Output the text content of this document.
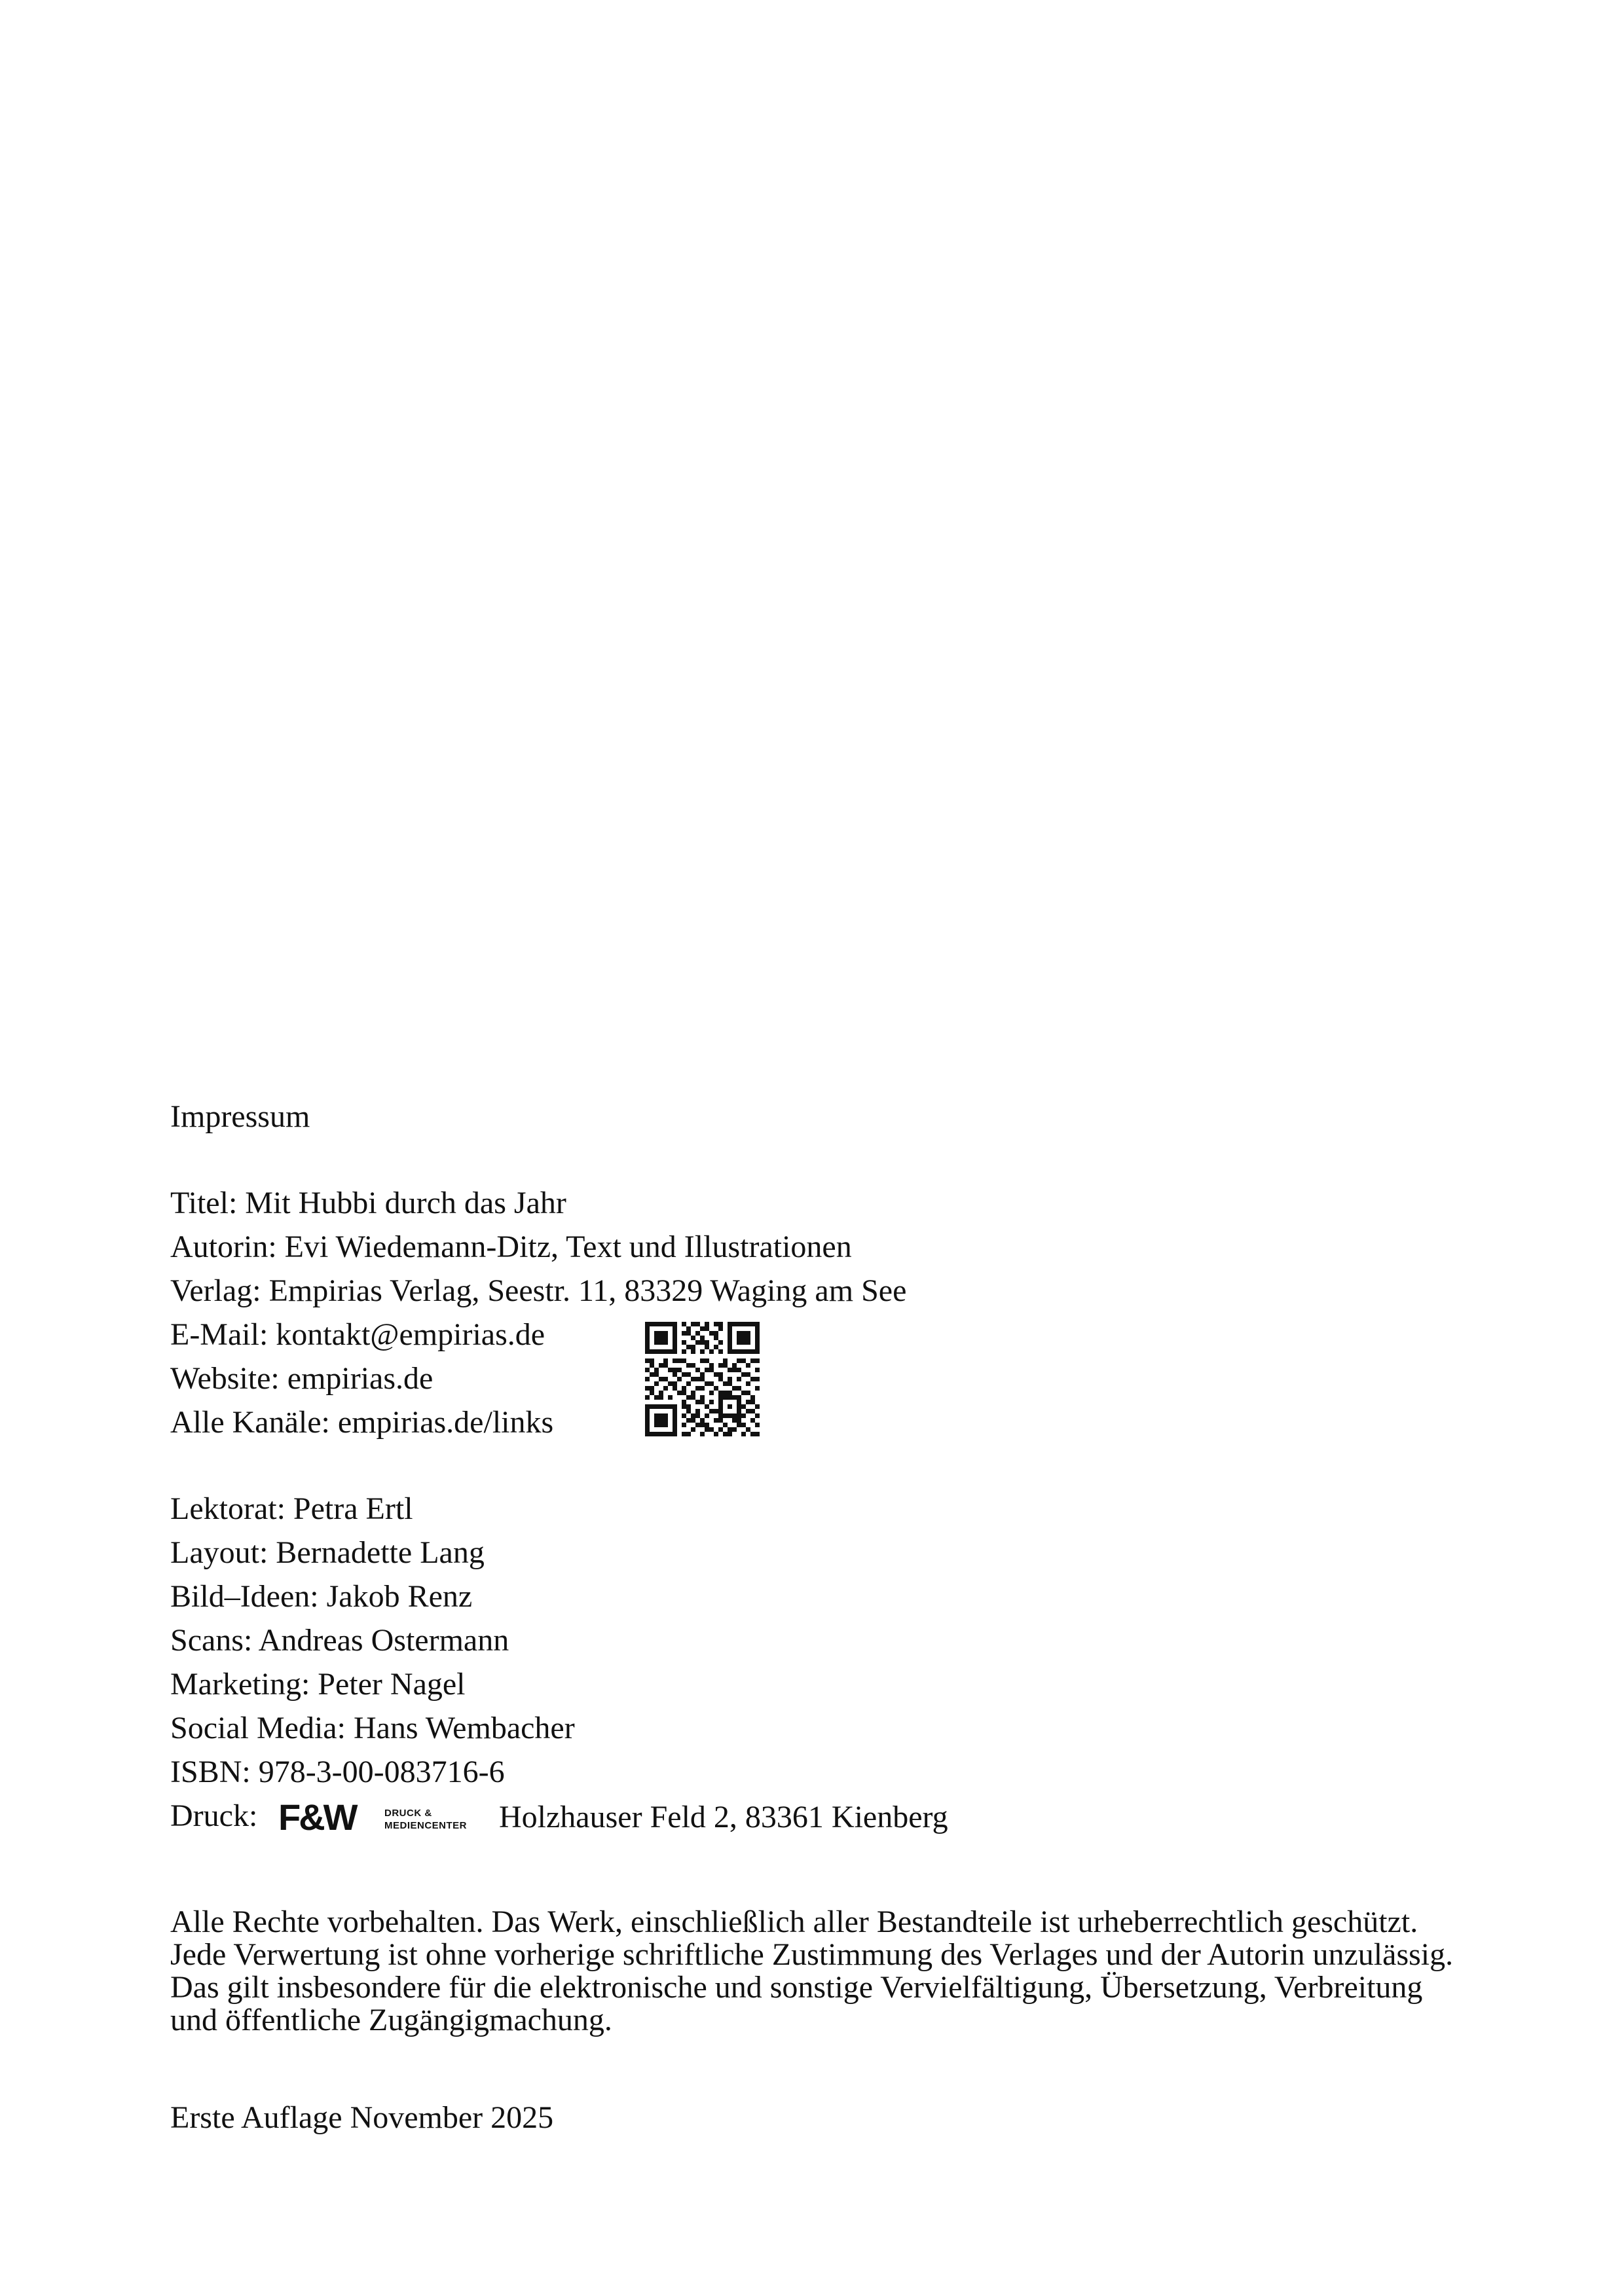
Impressum
Titel: Mit Hubbi durch das Jahr
Autorin: Evi Wiedemann-Ditz, Text und Illustrationen
Verlag: Empirias Verlag, Seestr. 11, 83329 Waging am See
E-Mail: kontakt@empirias.de
Website: empirias.de
Alle Kanäle: empirias.de/links
Lektorat: Petra Ertl
Layout: Bernadette Lang
Bild–Ideen: Jakob Renz
Scans: Andreas Ostermann
Marketing: Peter Nagel
Social Media: Hans Wembacher
ISBN: 978-3-00-083716-6
Druck: F&W	DRUCK &
MEDIENCENTER Holzhauser Feld 2, 83361 Kienberg
Alle Rechte vorbehalten. Das Werk, einschließlich aller Bestandteile ist urheberrechtlich geschützt. Jede Verwertung ist ohne vorherige schriftliche Zustimmung des Verlages und der Autorin unzulässig. Das gilt insbesondere für die elektronische und sonstige Vervielfältigung, Übersetzung, Verbreitung und öffentliche Zugängigmachung.
Erste Auflage November 2025
